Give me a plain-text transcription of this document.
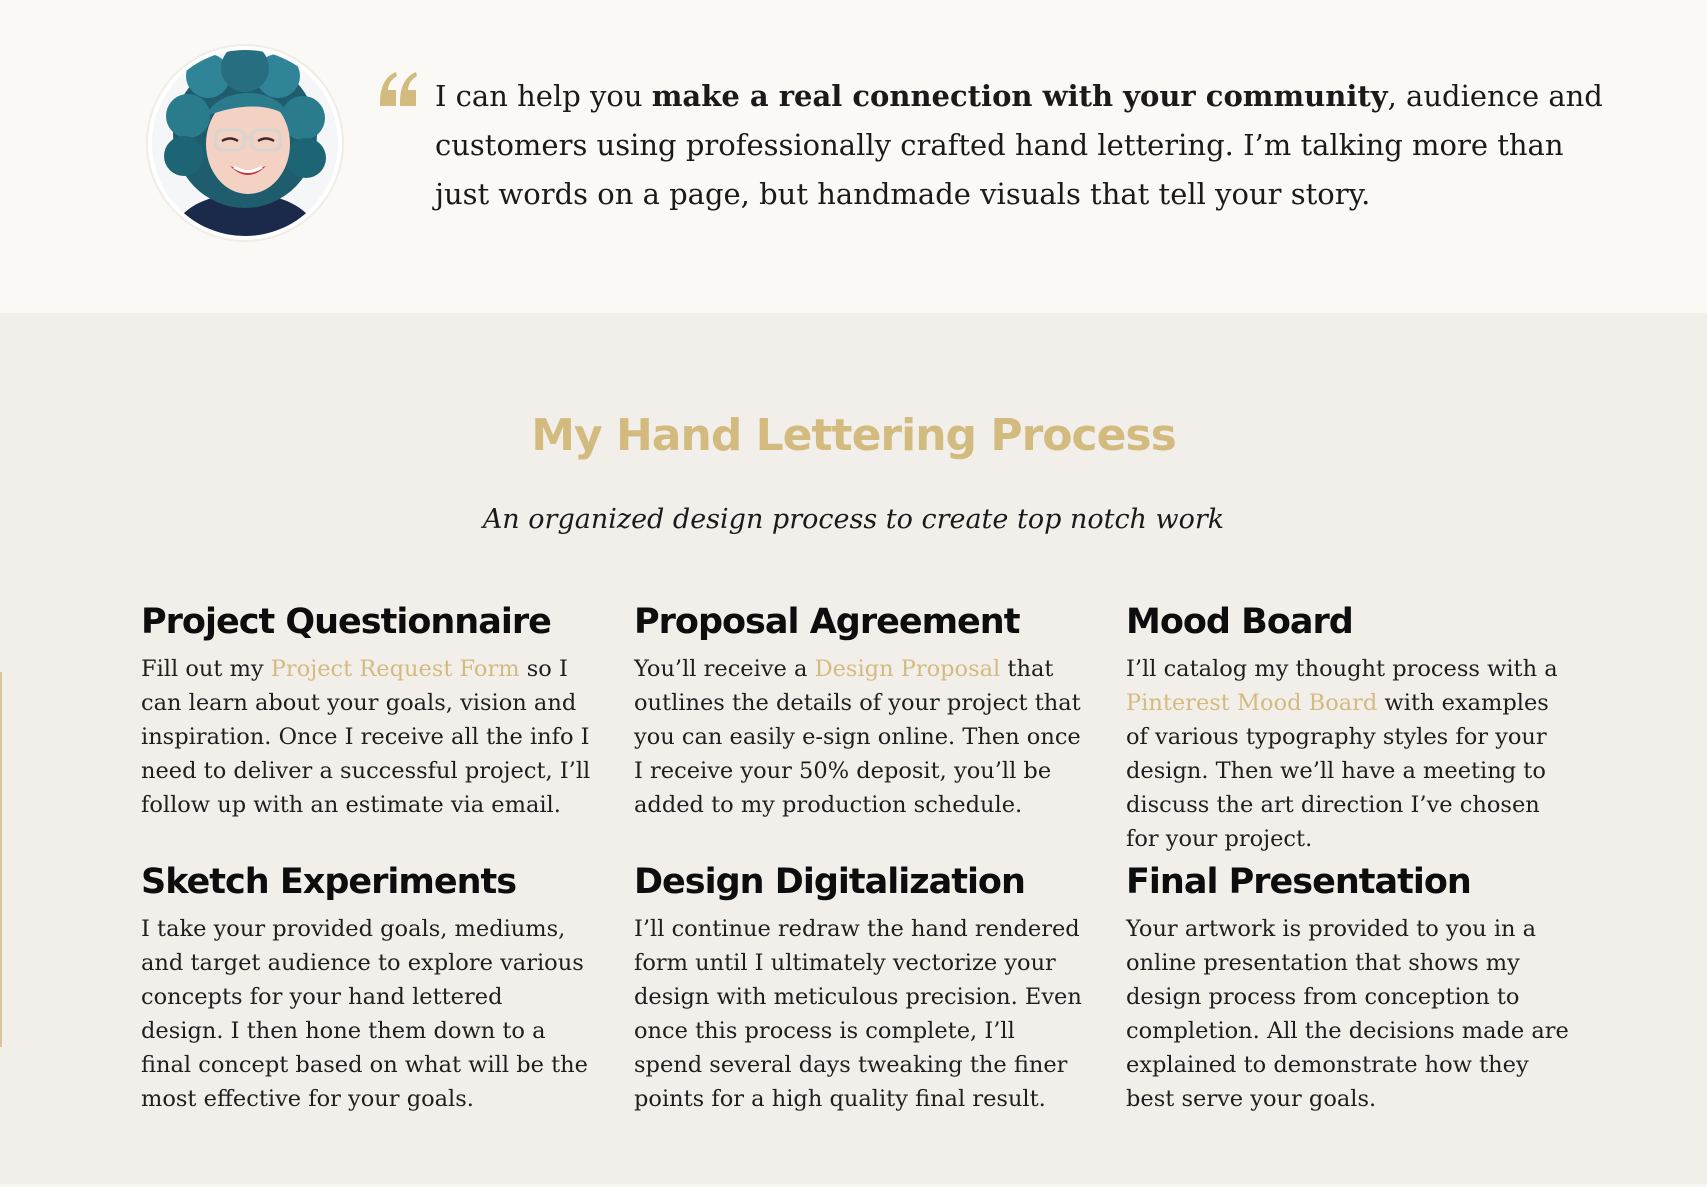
I can help you make a real connection with your community, audience and customers using professionally crafted hand lettering. I’m talking more than just words on a page, but handmade visuals that tell your story.

My Hand Lettering Process

An organized design process to create top notch work

Project Questionnaire

Fill out my Project Request Form so I can learn about your goals, vision and inspiration. Once I receive all the info I need to deliver a successful project, I’ll follow up with an estimate via email.

Proposal Agreement

You’ll receive a Design Proposal that outlines the details of your project that you can easily e-sign online. Then once I receive your 50% deposit, you’ll be added to my production schedule.

Mood Board

I’ll catalog my thought process with a Pinterest Mood Board with examples of various typography styles for your design. Then we’ll have a meeting to discuss the art direction I’ve chosen for your project.

Sketch Experiments

I take your provided goals, mediums, and target audience to explore various concepts for your hand lettered design. I then hone them down to a final concept based on what will be the most effective for your goals.

Design Digitalization

I’ll continue redraw the hand rendered form until I ultimately vectorize your design with meticulous precision. Even once this process is complete, I’ll spend several days tweaking the finer points for a high quality final result.

Final Presentation

Your artwork is provided to you in a online presentation that shows my design process from conception to completion. All the decisions made are explained to demonstrate how they best serve your goals.
